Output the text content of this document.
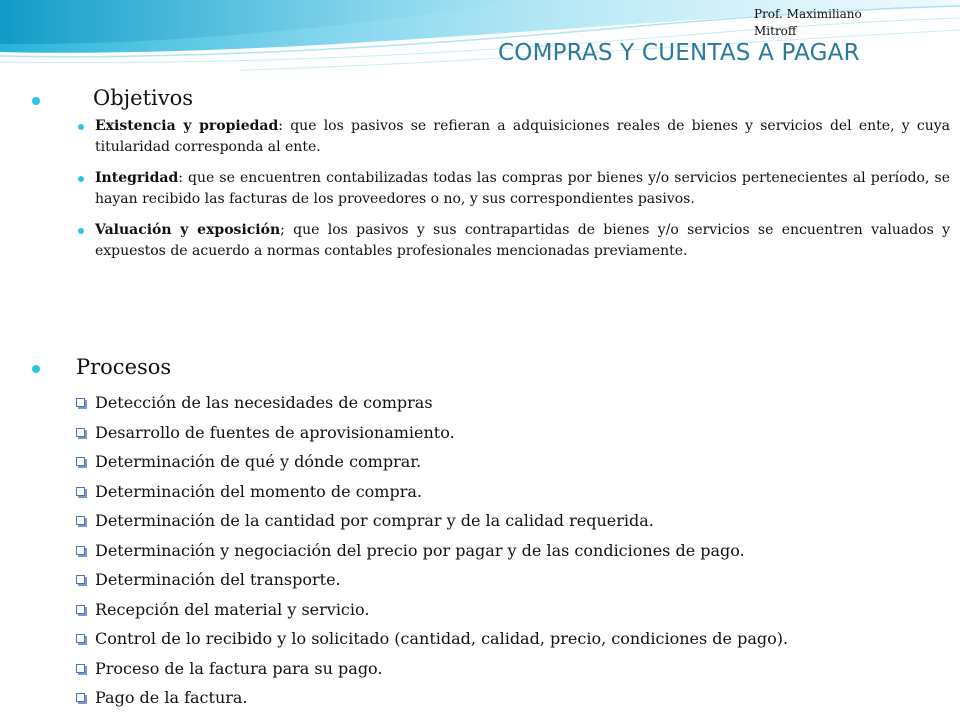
Prof. Maximiliano Mitroff
COMPRAS Y CUENTAS A PAGAR
Objetivos
Existencia y propiedad: que los pasivos se refieran a adquisiciones reales de bienes y servicios del ente, y cuya titularidad corresponda al ente.
Integridad: que se encuentren contabilizadas todas las compras por bienes y/o servicios pertenecientes al período, se hayan recibido las facturas de los proveedores o no, y sus correspondientes pasivos.
Valuación y exposición; que los pasivos y sus contrapartidas de bienes y/o servicios se encuentren valuados y expuestos de acuerdo a normas contables profesionales mencionadas previamente.
Procesos
Detección de las necesidades de compras
Desarrollo de fuentes de aprovisionamiento.
Determinación de qué y dónde comprar.
Determinación del momento de compra.
Determinación de la cantidad por comprar y de la calidad requerida.
Determinación y negociación del precio por pagar y de las condiciones de pago.
Determinación del transporte.
Recepción del material y servicio.
Control de lo recibido y lo solicitado (cantidad, calidad, precio, condiciones de pago).
Proceso de la factura para su pago.
Pago de la factura.
